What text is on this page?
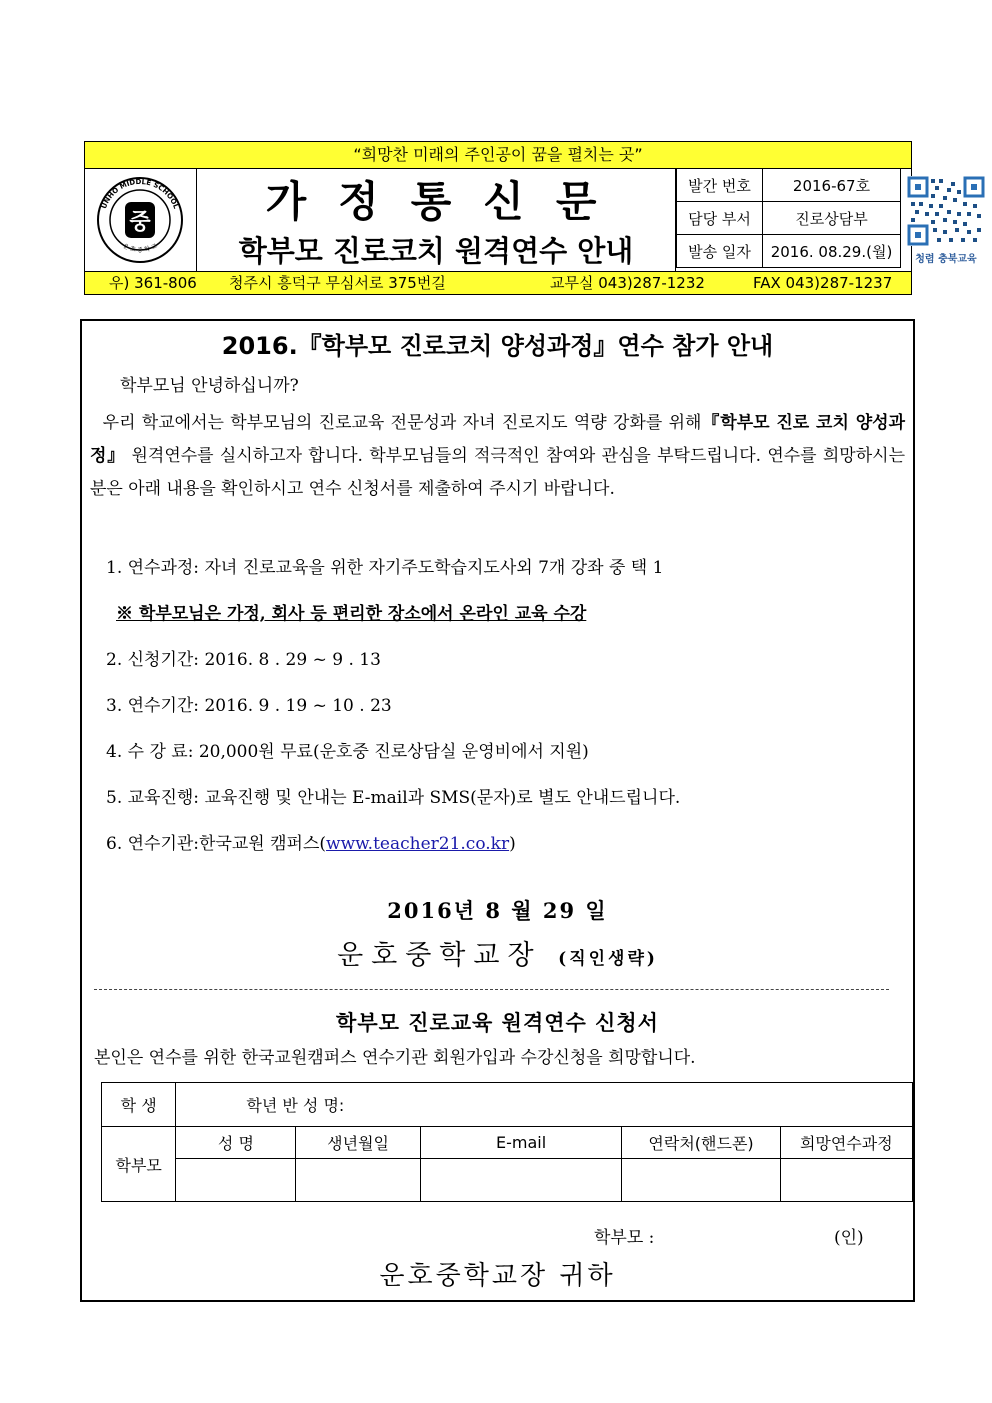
“희망찬 미래의 주인공이 꿈을 펼치는 곳”
UNHO MIDDLE SCHOOL
운 호 중 학 교
중	가정통신문
학부모 진로코치 원격연수 안내
발간 번호	2016-67호
담당 부서	진로상담부
발송 일자	2016. 08.29.(월)	청렴 충북교육
우) 361-806 청주시 흥덕구 무심서로 375번길	교무실 043)287-1232	FAX 043)287-1237
2016.『학부모 진로코치 양성과정』연수 참가 안내
학부모님 안녕하십니까?
우리 학교에서는 학부모님의 진로교육 전문성과 자녀 진로지도 역량 강화를 위해『학부모 진로 코치 양성과정』 원격연수를 실시하고자 합니다. 학부모님들의 적극적인 참여와 관심을 부탁드립니다. 연수를 희망하시는 분은 아래 내용을 확인하시고 연수 신청서를 제출하여 주시기 바랍니다.
1. 연수과정: 자녀 진로교육을 위한 자기주도학습지도사외 7개 강좌 중 택 1
※ 학부모님은 가정, 회사 등 편리한 장소에서 온라인 교육 수강
2. 신청기간: 2016. 8 . 29 ~ 9 . 13
3. 연수기간: 2016. 9 . 19 ~ 10 . 23
4. 수 강 료: 20,000원 무료(운호중 진로상담실 운영비에서 지원)
5. 교육진행: 교육진행 및 안내는 E-mail과 SMS(문자)로 별도 안내드립니다.
6. 연수기관:한국교원 캠퍼스(www.teacher21.co.kr)
2016년 8 월 29 일
운호중학교장 (직인생략)
학부모 진로교육 원격연수 신청서
본인은 연수를 위한 한국교원캠퍼스 연수기관 회원가입과 수강신청을 희망합니다.
학 생	학년 반 성 명:				
학부모	성 명	생년월일	E-mail	연락처(핸드폰)	희망연수과정

학부모 :	(인)
운호중학교장 귀하
